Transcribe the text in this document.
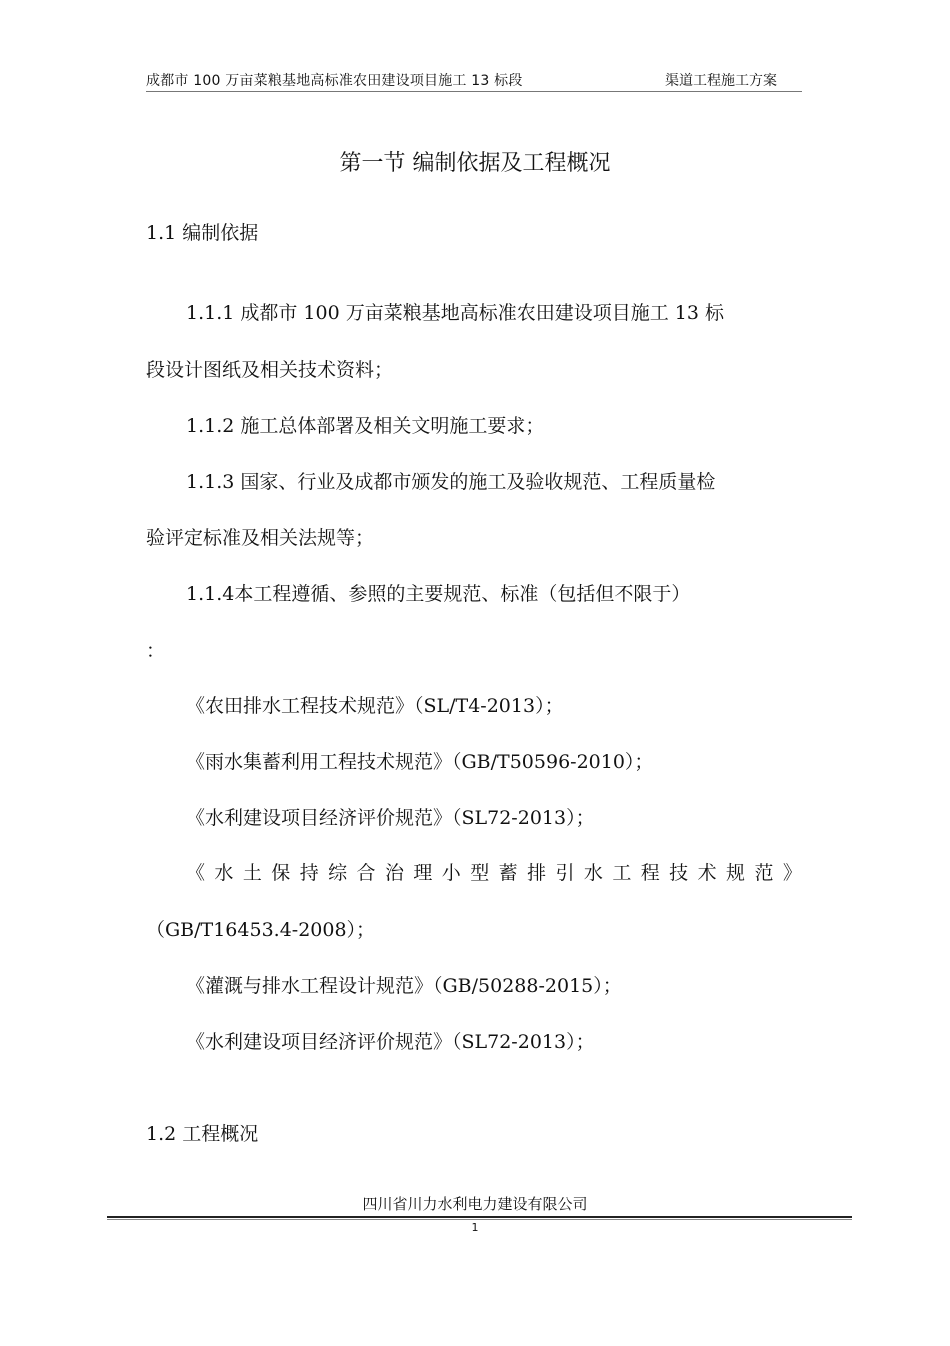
成都市 100 万亩菜粮基地高标准农田建设项目施工 13 标段	渠道工程施工方案
第一节 编制依据及工程概况

1.1 编制依据

1.1.1 成都市 100 万亩菜粮基地高标准农田建设项目施工 13 标

段设计图纸及相关技术资料；

1.1.2 施工总体部署及相关文明施工要求；

1.1.3 国家、行业及成都市颁发的施工及验收规范、工程质量检

验评定标准及相关法规等；

1.1.4本工程遵循、参照的主要规范、标准（包括但不限于）

：

《农田排水工程技术规范》（SL/T4-2013）；

《雨水集蓄利用工程技术规范》（GB/T50596-2010）；

《水利建设项目经济评价规范》（SL72-2013）；

《 水 土 保 持 综 合 治 理 小 型 蓄 排 引 水 工 程 技 术 规 范 》

（GB/T16453.4-2008）；

《灌溉与排水工程设计规范》（GB/50288-2015）；

《水利建设项目经济评价规范》（SL72-2013）；

1.2 工程概况

四川省川力水利电力建设有限公司
1
